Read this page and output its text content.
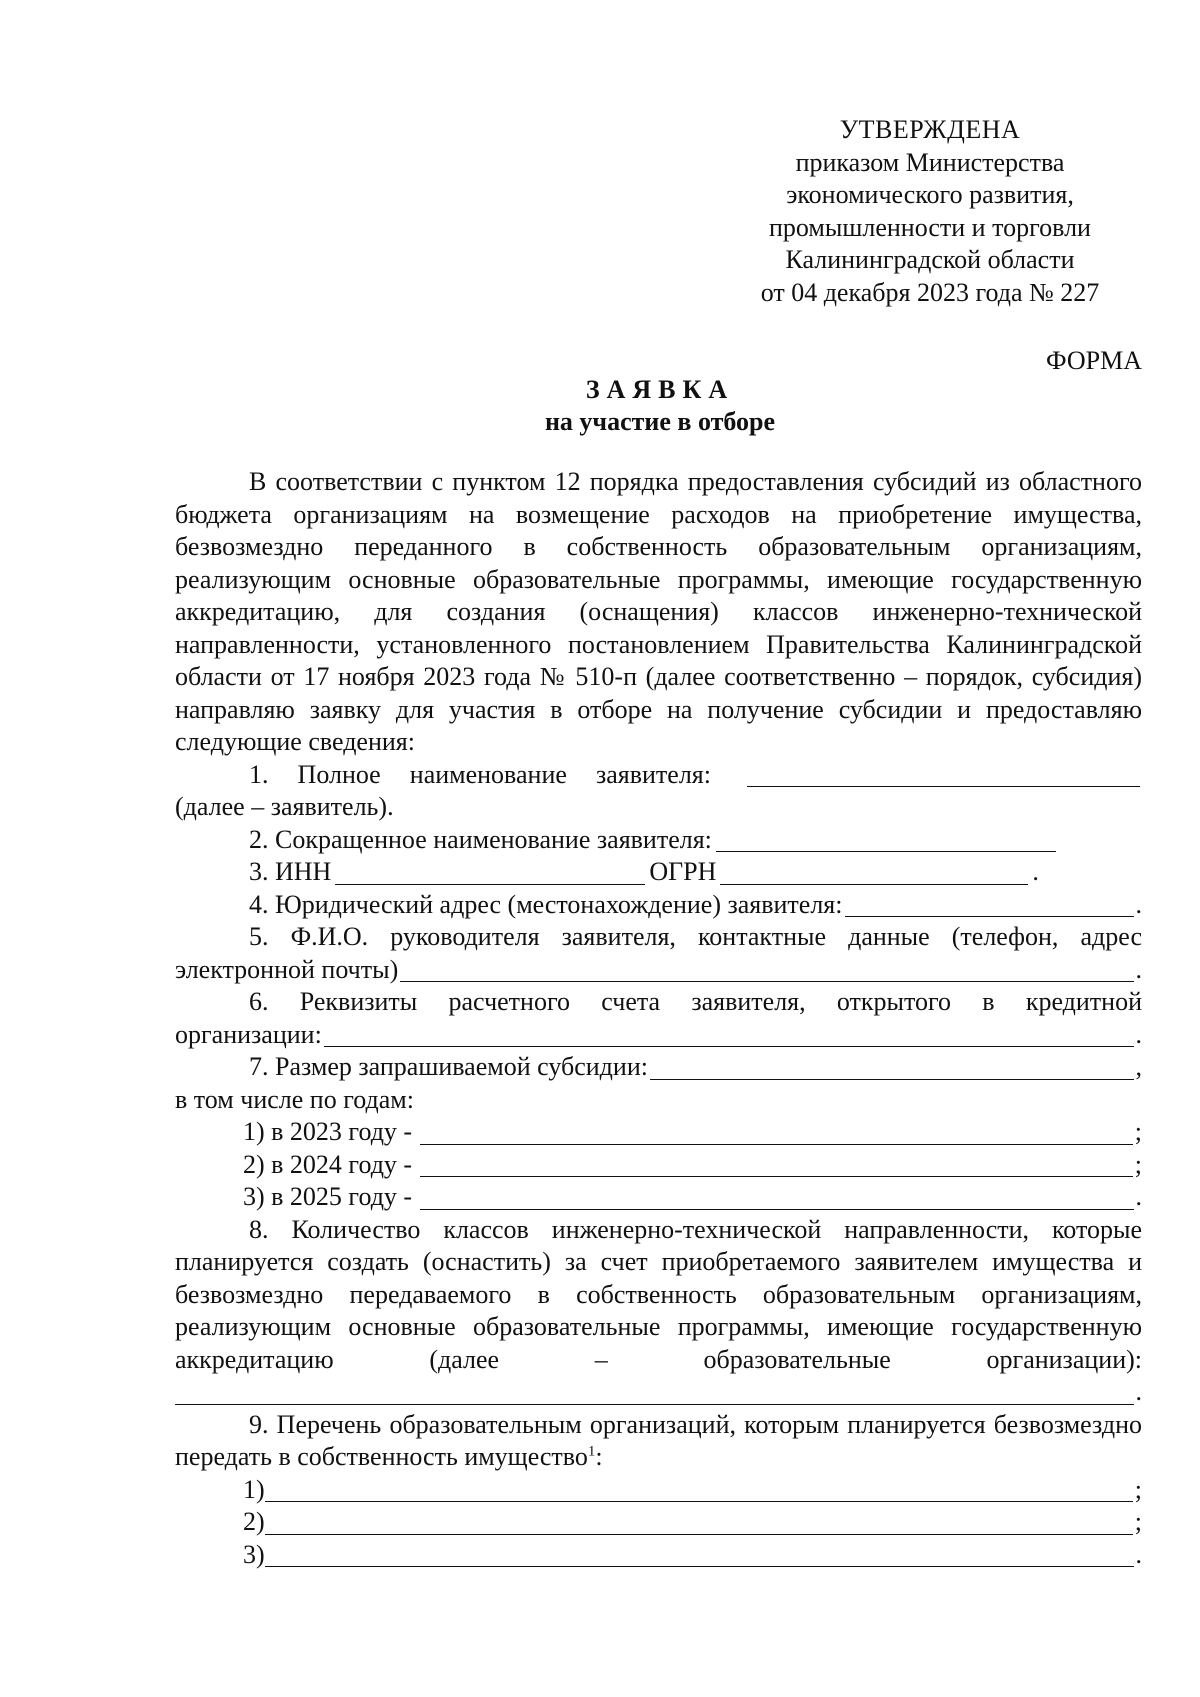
УТВЕРЖДЕНА
приказом Министерства
экономического развития,
промышленности и торговли
Калининградской области
от 04 декабря 2023 года № 227
ФОРМА
ЗАЯВКА
на участие в отборе

В соответствии с пунктом 12 порядка предоставления субсидий из областного бюджета организациям на возмещение расходов на приобретение имущества, безвозмездно переданного в собственность образовательным организациям, реализующим основные образовательные программы, имеющие государственную аккредитацию, для создания (оснащения) классов инженерно-технической направленности, установленного постановлением Правительства Калининградской области от 17 ноября 2023 года № 510-п (далее соответственно – порядок, субсидия) направляю заявку для участия в отборе на получение субсидии и предоставляю следующие сведения:

1. Полное наименование заявителя:
(далее – заявитель).
2. Сокращенное наименование заявителя:
3. ИНН	ОГРН	.
4. Юридический адрес (местонахождение) заявителя:	.
5. Ф.И.О. руководителя заявителя, контактные данные (телефон, адрес
электронной почты)	.
6. Реквизиты расчетного счета заявителя, открытого в кредитной
организации:	.
7. Размер запрашиваемой субсидии:	,
в том числе по годам:
1) в 2023 году -	;
2) в 2024 году -	;
3) в 2025 году -	.

8. Количество классов инженерно-технической направленности, которые планируется создать (оснастить) за счет приобретаемого заявителем имущества и безвозмездно передаваемого в собственность образовательным организациям, реализующим основные образовательные программы, имеющие государственную аккредитацию (далее – образовательные организации):

.

9. Перечень образовательным организаций, которым планируется безвозмездно передать в собственность имущество$^1$:

1)	;
2)	;
3)	.
